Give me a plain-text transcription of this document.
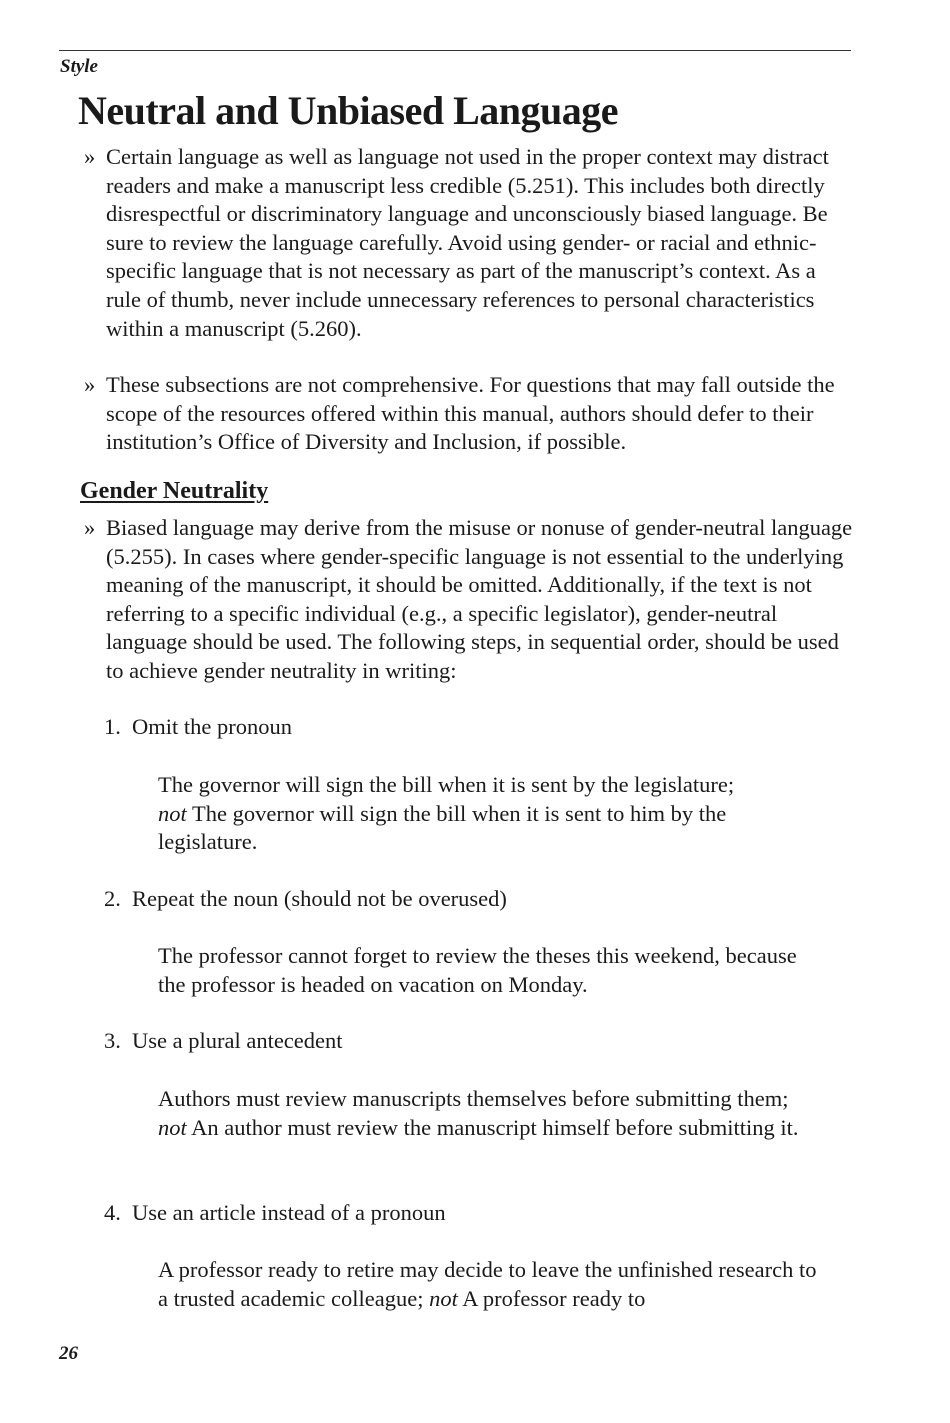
Style
Neutral and Unbiased Language

» Certain language as well as language not used in the proper context may distract readers and make a manuscript less credible (5.251). This includes both directly disrespectful or discriminatory language and unconsciously biased language. Be sure to review the language carefully. Avoid using gender- or racial and ethnic-specific language that is not necessary as part of the manuscript’s context. As a rule of thumb, never include unnecessary references to personal characteristics within a manuscript (5.260).

» These subsections are not comprehensive. For questions that may fall outside the scope of the resources offered within this manual, authors should defer to their institution’s Office of Diversity and Inclusion, if possible.

Gender Neutrality

» Biased language may derive from the misuse or nonuse of gender-neutral language (5.255). In cases where gender-specific language is not essential to the underlying meaning of the manuscript, it should be omitted. Additionally, if the text is not referring to a specific individual (e.g., a specific legislator), gender-neutral language should be used. The following steps, in sequential order, should be used to achieve gender neutrality in writing:

1. Omit the pronoun

The governor will sign the bill when it is sent by the legislature;
not The governor will sign the bill when it is sent to him by the legislature.

2. Repeat the noun (should not be overused)

The professor cannot forget to review the theses this weekend, because the professor is headed on vacation on Monday.

3. Use a plural antecedent

Authors must review manuscripts themselves before submitting them; not An author must review the manuscript himself before submitting it.

4. Use an article instead of a pronoun

A professor ready to retire may decide to leave the unfinished research to a trusted academic colleague; not A professor ready to

26
